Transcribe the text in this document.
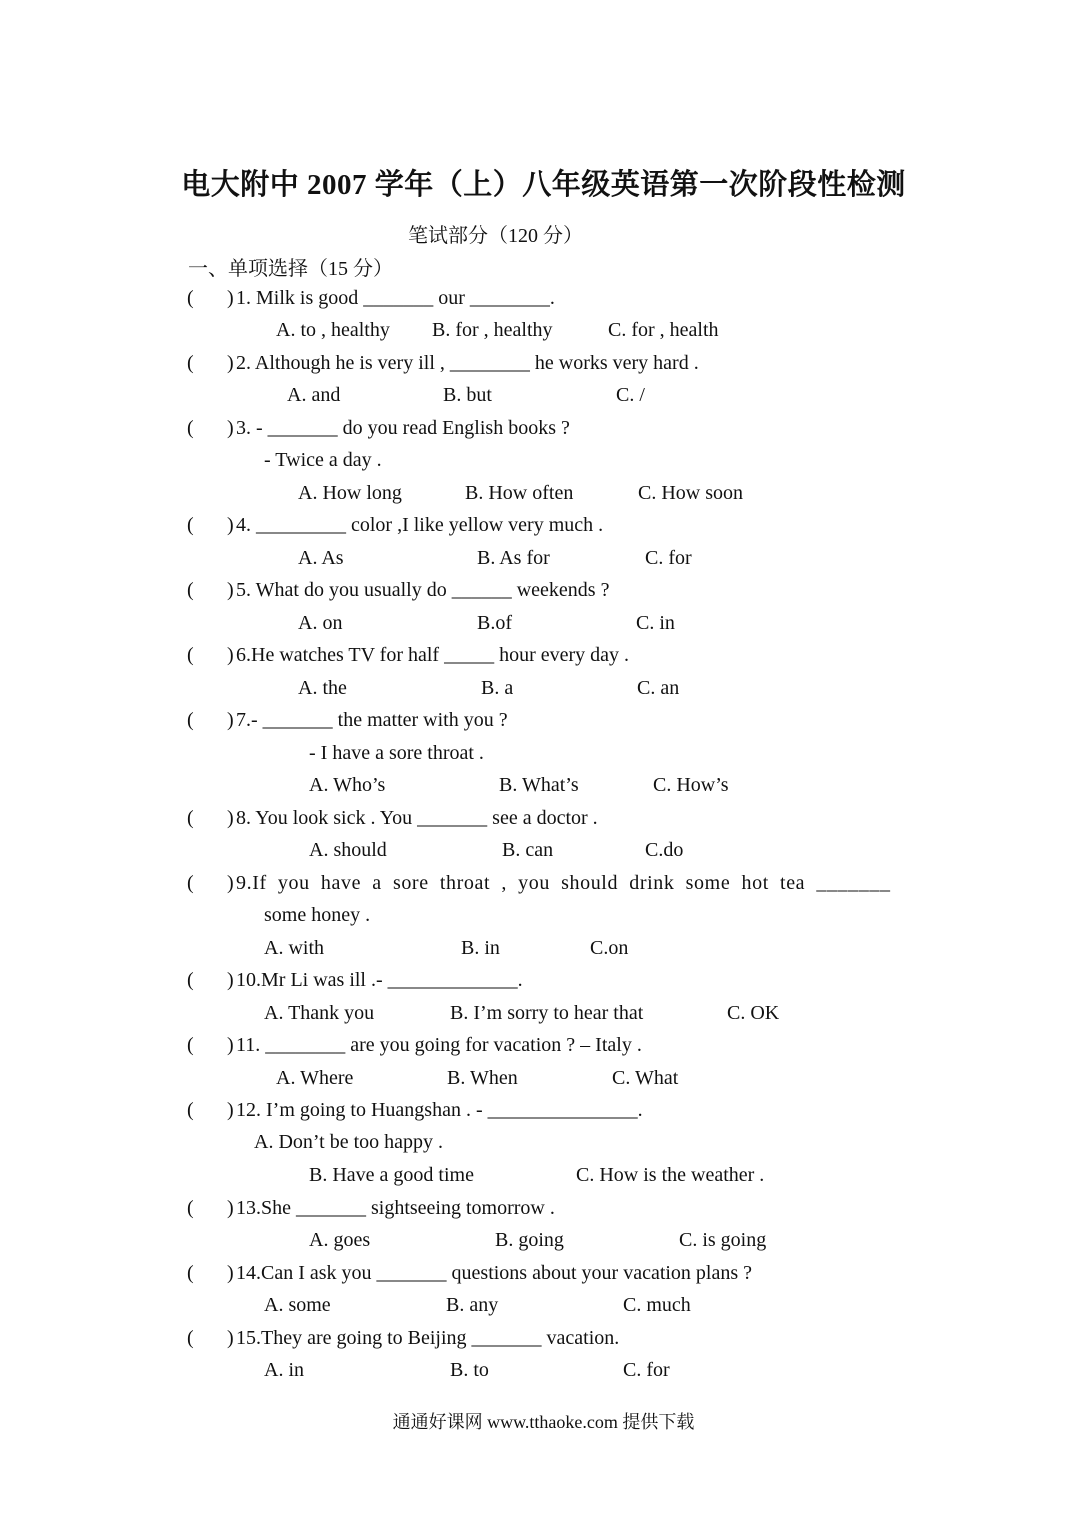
电大附中 2007 学年（上）八年级英语第一次阶段性检测
笔试部分（120 分）
一、单项选择（15 分）
( ) 1. Milk is good _______ our ________.
A. to , healthy B. for , healthy	C. for , health
( ) 2. Although he is very ill , ________ he works very hard .
A. and	B. but	C. /
( ) 3. - _______ do you read English books ?
- Twice a day .
A. How long	B. How often	C. How soon
( ) 4. _________ color ,I like yellow very much .
A. As	B. As for	C. for
( ) 5. What do you usually do ______ weekends ?
A. on	B.of	C. in
( ) 6.He watches TV for half _____ hour every day .
A. the	B. a	C. an
( ) 7.- _______ the matter with you ?
- I have a sore throat .
A. Who’s	B. What’s	C. How’s
( ) 8. You look sick . You _______ see a doctor .
A. should	B. can	C.do
( ) 9.If  you  have  a  sore  throat  ,  you  should  drink  some  hot  tea  _______
some honey .
A. with	B. in	C.on
( ) 10.Mr Li was ill .- _____________.
A. Thank you	B. I’m sorry to hear that	C. OK
( ) 11. ________ are you going for vacation ? – Italy .
A. Where	B. When	C. What
( ) 12. I’m going to Huangshan . - _______________.
A. Don’t be too happy .
B. Have a good time	C. How is the weather .
( ) 13.She _______ sightseeing tomorrow .
A. goes	B. going	C. is going
( ) 14.Can I ask you _______ questions about your vacation plans ?
A. some	B. any	C. much
( ) 15.They are going to Beijing _______ vacation.
A. in	B. to	C. for
通通好课网 www.tthaoke.com 提供下载
